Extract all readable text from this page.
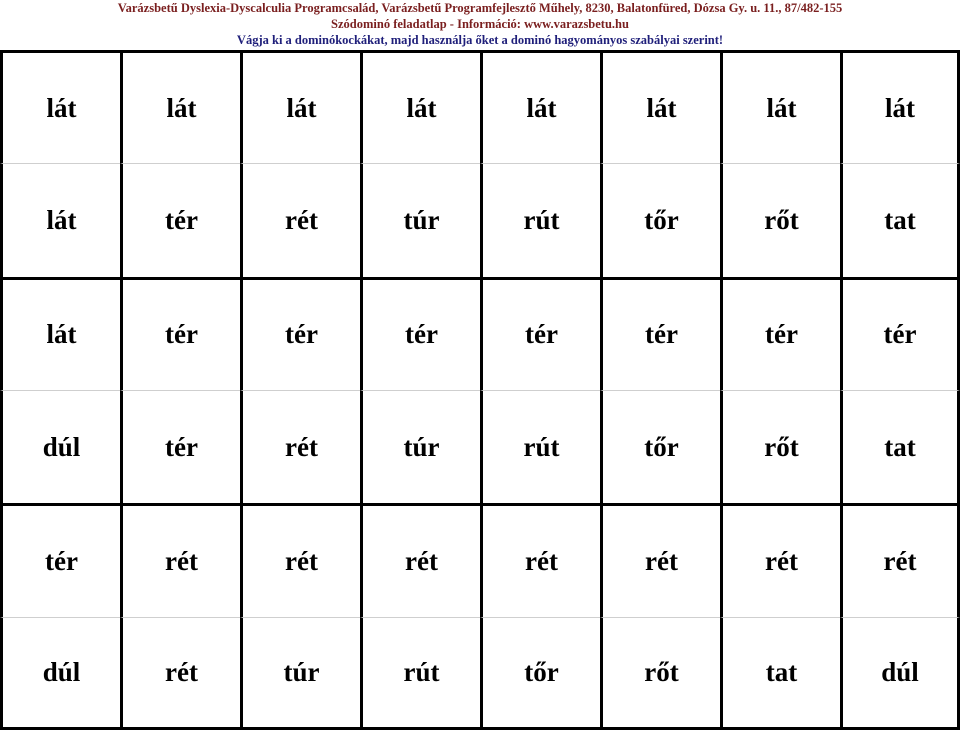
Varázsbetű Dyslexia-Dyscalculia Programcsalád, Varázsbetű Programfejlesztő Műhely, 8230, Balatonfüred, Dózsa Gy. u. 11., 87/482-155
Szódominó feladatlap - Információ: www.varazsbetu.hu
Vágja ki a dominókockákat, majd használja őket a dominó hagyományos szabályai szerint!
lát	lát	lát	lát	lát	lát	lát	lát
lát	tér	rét	túr	rút	tőr	rőt	tat
lát	tér	tér	tér	tér	tér	tér	tér
dúl	tér	rét	túr	rút	tőr	rőt	tat
tér	rét	rét	rét	rét	rét	rét	rét
dúl	rét	túr	rút	tőr	rőt	tat	dúl
